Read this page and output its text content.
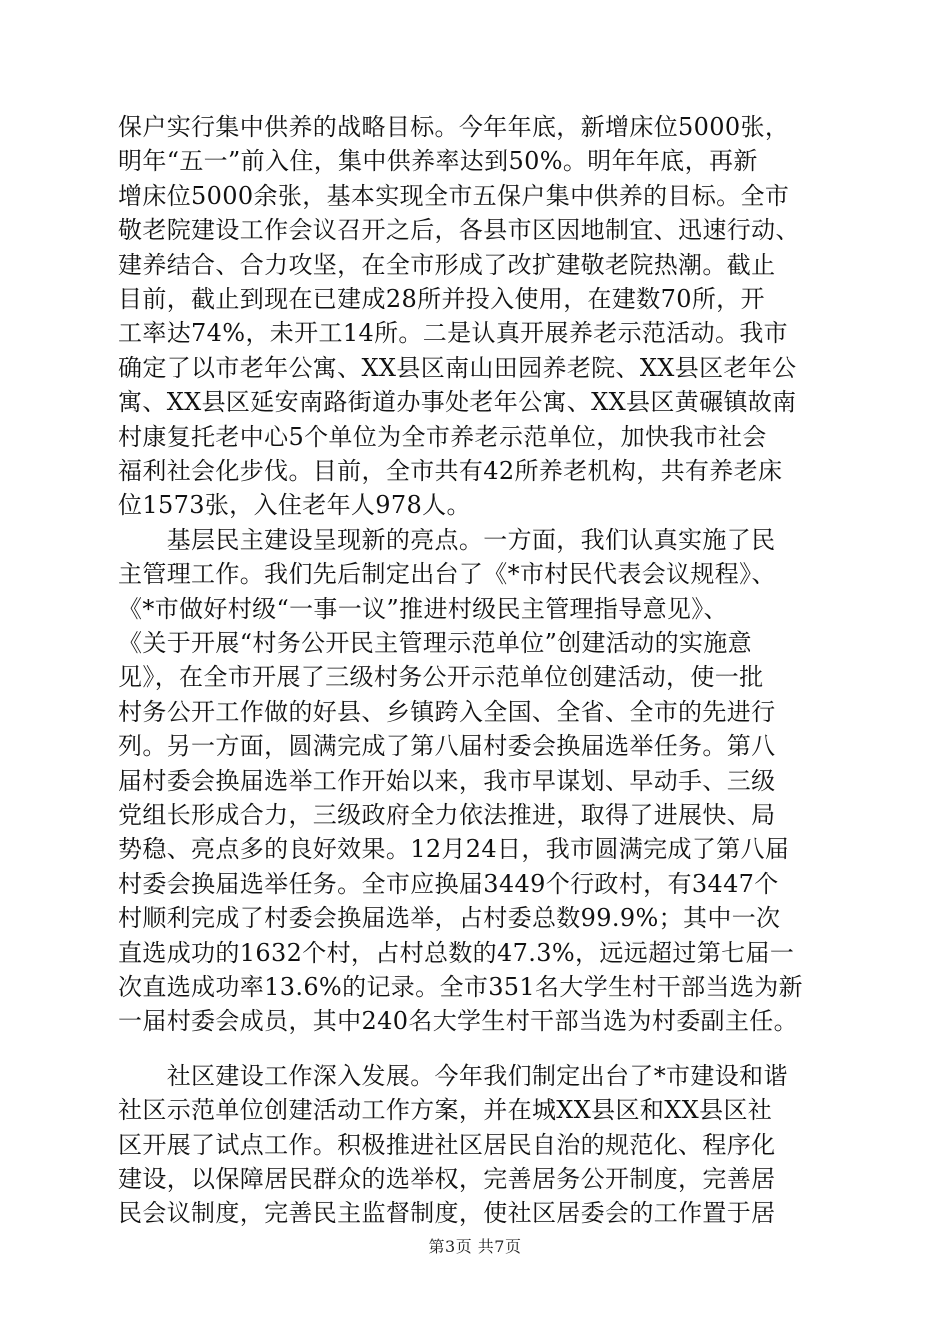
保户实行集中供养的战略目标。今年年底，新增床位5000张，

明年“五一”前入住，集中供养率达到50%。明年年底，再新

增床位5000余张，基本实现全市五保户集中供养的目标。全市

敬老院建设工作会议召开之后，各县市区因地制宜、迅速行动、

建养结合、合力攻坚，在全市形成了改扩建敬老院热潮。截止

目前，截止到现在已建成28所并投入使用，在建数70所，开

工率达74%，未开工14所。二是认真开展养老示范活动。我市

确定了以市老年公寓、XX县区南山田园养老院、XX县区老年公

寓、XX县区延安南路街道办事处老年公寓、XX县区黄碾镇故南

村康复托老中心5个单位为全市养老示范单位，加快我市社会

福利社会化步伐。目前，全市共有42所养老机构，共有养老床

位1573张，入住老年人978人。

　　基层民主建设呈现新的亮点。一方面，我们认真实施了民

主管理工作。我们先后制定出台了《*市村民代表会议规程》、

《*市做好村级“一事一议”推进村级民主管理指导意见》、

《关于开展“村务公开民主管理示范单位”创建活动的实施意

见》，在全市开展了三级村务公开示范单位创建活动，使一批

村务公开工作做的好县、乡镇跨入全国、全省、全市的先进行

列。另一方面，圆满完成了第八届村委会换届选举任务。第八

届村委会换届选举工作开始以来，我市早谋划、早动手、三级

党组长形成合力，三级政府全力依法推进，取得了进展快、局

势稳、亮点多的良好效果。12月24日，我市圆满完成了第八届

村委会换届选举任务。全市应换届3449个行政村，有3447个

村顺利完成了村委会换届选举，占村委总数99.9%；其中一次

直选成功的1632个村，占村总数的47.3%，远远超过第七届一

次直选成功率13.6%的记录。全市351名大学生村干部当选为新

一届村委会成员，其中240名大学生村干部当选为村委副主任。

　　社区建设工作深入发展。今年我们制定出台了*市建设和谐

社区示范单位创建活动工作方案，并在城XX县区和XX县区社

区开展了试点工作。积极推进社区居民自治的规范化、程序化

建设，以保障居民群众的选举权，完善居务公开制度，完善居

民会议制度，完善民主监督制度，使社区居委会的工作置于居

第3页 共7页
